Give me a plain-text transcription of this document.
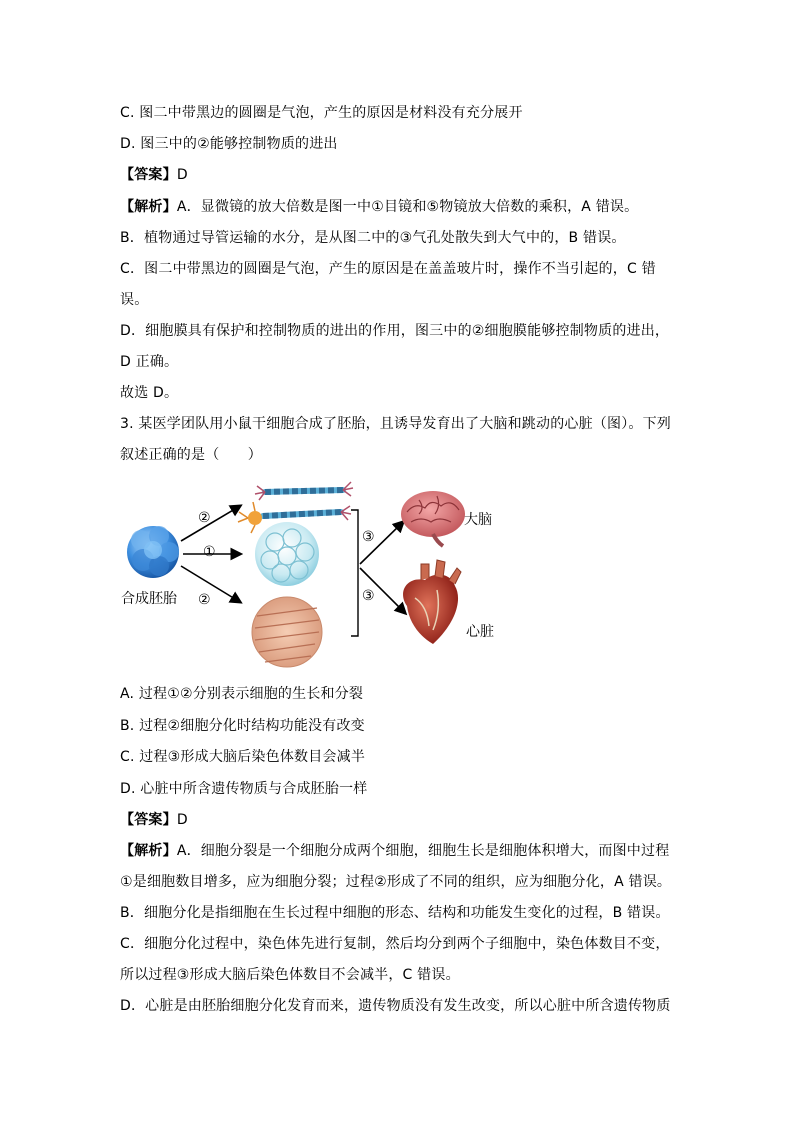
C. 图二中带黑边的圆圈是气泡，产生的原因是材料没有充分展开
D. 图三中的②能够控制物质的进出
【答案】D
【解析】A．显微镜的放大倍数是图一中①目镜和⑤物镜放大倍数的乘积，A 错误。
B．植物通过导管运输的水分，是从图二中的③气孔处散失到大气中的，B 错误。
C．图二中带黑边的圆圈是气泡，产生的原因是在盖盖玻片时，操作不当引起的，C 错
误。
D．细胞膜具有保护和控制物质的进出的作用，图三中的②细胞膜能够控制物质的进出，
D 正确。
故选 D。
3. 某医学团队用小鼠干细胞合成了胚胎，且诱导发育出了大脑和跳动的心脏（图）。下列
叙述正确的是（　　）
合成胚胎
②
①
②
③
③
大脑
心脏
A. 过程①②分别表示细胞的生长和分裂
B. 过程②细胞分化时结构功能没有改变
C. 过程③形成大脑后染色体数目会减半
D. 心脏中所含遗传物质与合成胚胎一样
【答案】D
【解析】A．细胞分裂是一个细胞分成两个细胞，细胞生长是细胞体积增大，而图中过程
①是细胞数目增多，应为细胞分裂；过程②形成了不同的组织，应为细胞分化，A 错误。
B．细胞分化是指细胞在生长过程中细胞的形态、结构和功能发生变化的过程，B 错误。
C．细胞分化过程中，染色体先进行复制，然后均分到两个子细胞中，染色体数目不变，
所以过程③形成大脑后染色体数目不会减半，C 错误。
D．心脏是由胚胎细胞分化发育而来，遗传物质没有发生改变，所以心脏中所含遗传物质
